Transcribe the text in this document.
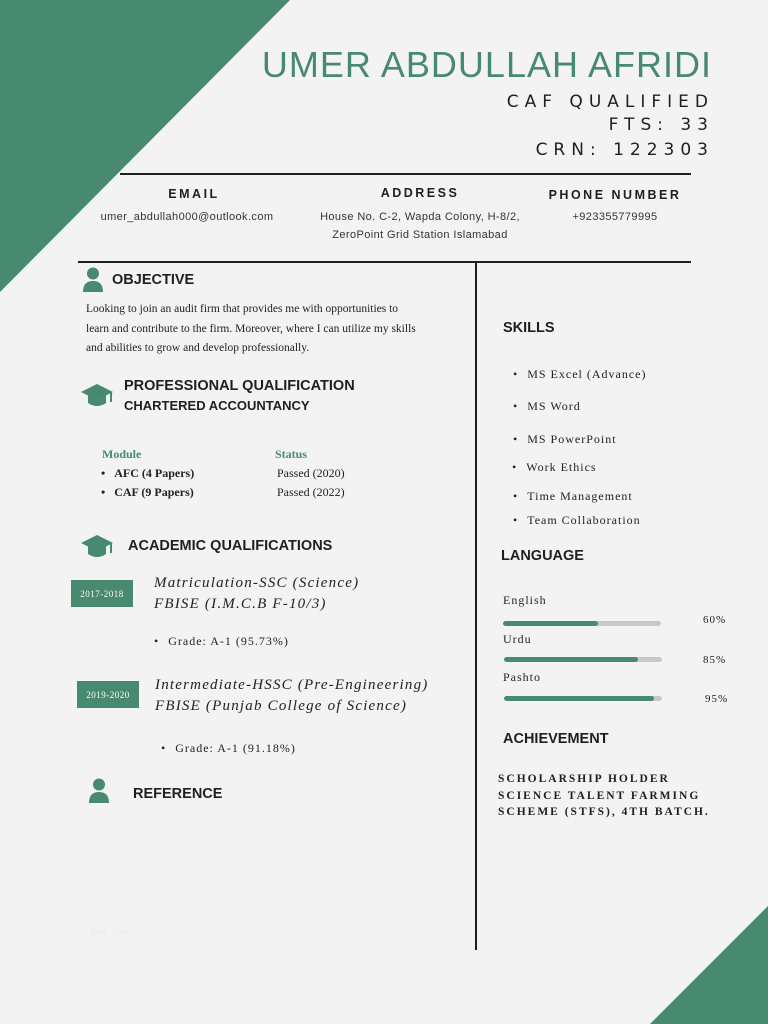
UMER ABDULLAH AFRIDI
CAF QUALIFIED
FTS: 33
CRN: 122303
EMAIL
umer_abdullah000@outlook.com
ADDRESS
House No. C-2, Wapda Colony, H-8/2,
ZeroPoint Grid Station Islamabad
PHONE NUMBER
+923355779995
OBJECTIVE
Looking to join an audit firm that provides me with opportunities to
learn and contribute to the firm. Moreover, where I can utilize my skills
and abilities to grow and develop professionally.
PROFESSIONAL QUALIFICATION
CHARTERED ACCOUNTANCY
Module	Status
•   AFC (4 Papers)	Passed (2020)
•   CAF (9 Papers)	Passed (2022)
ACADEMIC QUALIFICATIONS
2017-2018
Matriculation-SSC (Science)
FBISE (I.M.C.B F-10/3)
• Grade: A-1 (95.73%)
2019-2020
Intermediate-HSSC (Pre-Engineering)
FBISE (Punjab College of Science)
• Grade: A-1 (91.18%)
REFERENCE
2019 - 2020
SKILLS
• MS Excel (Advance)
• MS Word
• MS PowerPoint
• Work Ethics
• Time Management
• Team Collaboration
LANGUAGE
English
60%
Urdu
85%
Pashto
95%
ACHIEVEMENT
SCHOLARSHIP HOLDER
SCIENCE TALENT FARMING
SCHEME (STFS), 4TH BATCH.
